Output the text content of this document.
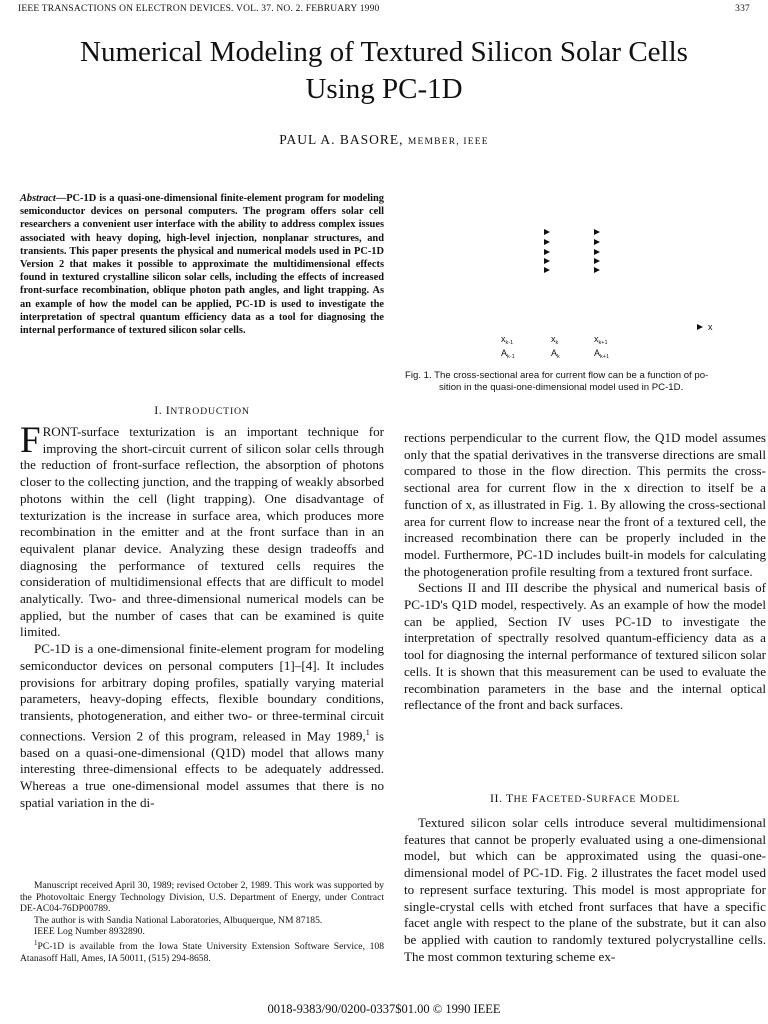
IEEE TRANSACTIONS ON ELECTRON DEVICES. VOL. 37. NO. 2. FEBRUARY 1990	337
Numerical Modeling of Textured Silicon Solar Cells
Using PC-1D
PAUL A. BASORE, MEMBER, IEEE

Abstract—PC-1D is a quasi-one-dimensional finite-element program for modeling semiconductor devices on personal computers. The program offers solar cell researchers a convenient user interface with the ability to address complex issues associated with heavy doping, high-level injection, nonplanar structures, and transients. This paper presents the physical and numerical models used in PC-1D Version 2 that makes it possible to approximate the multidimensional effects found in textured crystalline silicon solar cells, including the effects of increased front-surface recombination, oblique photon path angles, and light trapping. As an example of how the model can be applied, PC-1D is used to investigate the interpretation of spectral quantum efficiency data as a tool for diagnosing the internal performance of textured silicon solar cells.

$x_{k-1}$	$x_k$	$x_{k+1}$
$A_{k-1}$	$A_k$	$A_{k+1}$
x
Fig. 1. The cross-sectional area for current flow can be a function of po-
sition in the quasi-one-dimensional model used in PC-1D.
I. INTRODUCTION

FRONT-surface texturization is an important technique for improving the short-circuit current of silicon solar cells through the reduction of front-surface reflection, the absorption of photons closer to the collecting junction, and the trapping of weakly absorbed photons within the cell (light trapping). One disadvantage of texturization is the increase in surface area, which produces more recombination in the emitter and at the front surface than in an equivalent planar device. Analyzing these design tradeoffs and diagnosing the performance of textured cells requires the consideration of multidimensional effects that are difficult to model analytically. Two- and three-dimensional numerical models can be applied, but the number of cases that can be examined is quite limited.

PC-1D is a one-dimensional finite-element program for modeling semiconductor devices on personal computers [1]–[4]. It includes provisions for arbitrary doping profiles, spatially varying material parameters, heavy-doping effects, flexible boundary conditions, transients, photogeneration, and either two- or three-terminal circuit connections. Version 2 of this program, released in May 1989,$^1$ is based on a quasi-one-dimensional (Q1D) model that allows many interesting three-dimensional effects to be adequately addressed. Whereas a true one-dimensional model assumes that there is no spatial variation in the di-

rections perpendicular to the current flow, the Q1D model assumes only that the spatial derivatives in the transverse directions are small compared to those in the flow direction. This permits the cross-sectional area for current flow in the x direction to itself be a function of x, as illustrated in Fig. 1. By allowing the cross-sectional area for current flow to increase near the front of a textured cell, the increased recombination there can be properly included in the model. Furthermore, PC-1D includes built-in models for calculating the photogeneration profile resulting from a textured front surface.

Sections II and III describe the physical and numerical basis of PC-1D's Q1D model, respectively. As an example of how the model can be applied, Section IV uses PC-1D to investigate the interpretation of spectrally resolved quantum-efficiency data as a tool for diagnosing the internal performance of textured silicon solar cells. It is shown that this measurement can be used to evaluate the recombination parameters in the base and the internal optical reflectance of the front and back surfaces.

II. THE FACETED-SURFACE MODEL

Textured silicon solar cells introduce several multidimensional features that cannot be properly evaluated using a one-dimensional model, but which can be approximated using the quasi-one-dimensional model of PC-1D. Fig. 2 illustrates the facet model used to represent surface texturing. This model is most appropriate for single-crystal cells with etched front surfaces that have a specific facet angle with respect to the plane of the substrate, but it can also be applied with caution to randomly textured polycrystalline cells. The most common texturing scheme ex-

Manuscript received April 30, 1989; revised October 2, 1989. This work was supported by the Photovoltaic Energy Technology Division, U.S. Department of Energy, under Contract DE-AC04-76DP00789.

The author is with Sandia National Laboratories, Albuquerque, NM 87185.

IEEE Log Number 8932890.

$^1$PC-1D is available from the Iowa State University Extension Software Service, 108 Atanasoff Hall, Ames, IA 50011, (515) 294-8658.

0018-9383/90/0200-0337$01.00 © 1990 IEEE
